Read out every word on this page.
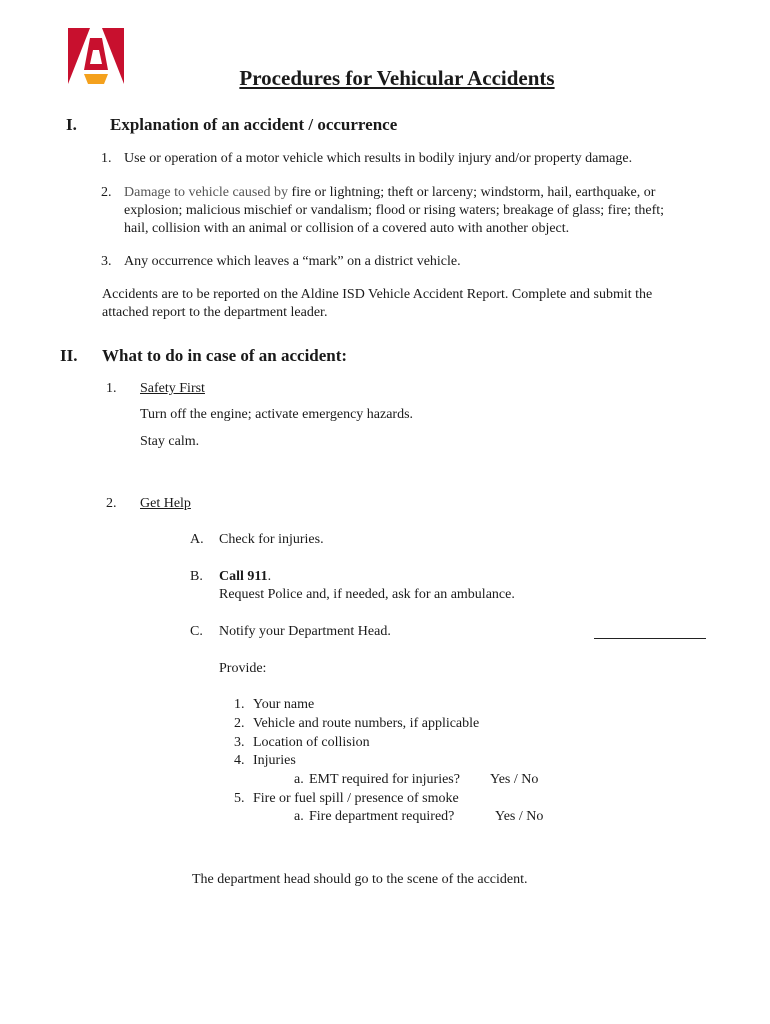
Procedures for Vehicular Accidents
I. Explanation of an accident / occurrence
1. Use or operation of a motor vehicle which results in bodily injury and/or property damage.
2. Damage to vehicle caused by fire or lightning; theft or larceny; windstorm, hail, earthquake, or
explosion; malicious mischief or vandalism; flood or rising waters; breakage of glass; fire; theft;
hail, collision with an animal or collision of a covered auto with another object.
3. Any occurrence which leaves a “mark” on a district vehicle.
Accidents are to be reported on the Aldine ISD Vehicle Accident Report. Complete and submit the
attached report to the department leader.
II. What to do in case of an accident:
1. Safety First
Turn off the engine; activate emergency hazards.
Stay calm.
2. Get Help
A. Check for injuries.
B. Call 911.
Request Police and, if needed, ask for an ambulance.
C. Notify your Department Head.
Provide:
1. Your name
2. Vehicle and route numbers, if applicable
3. Location of collision
4. Injuries
a. EMT required for injuries? Yes / No
5. Fire or fuel spill / presence of smoke
a. Fire department required?	Yes / No
The department head should go to the scene of the accident.
